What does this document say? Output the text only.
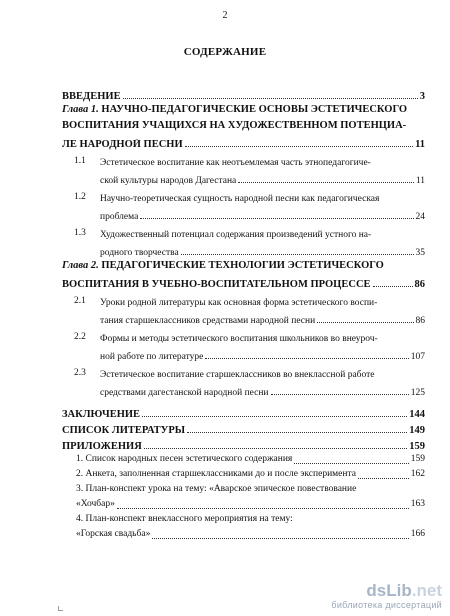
2
СОДЕРЖАНИЕ
ВВЕДЕНИЕ	3
Глава 1. НАУЧНО-ПЕДАГОГИЧЕСКИЕ ОСНОВЫ ЭСТЕТИЧЕСКОГО
ВОСПИТАНИЯ УЧАЩИХСЯ НА ХУДОЖЕСТВЕННОМ ПОТЕНЦИА-
ЛЕ НАРОДНОЙ ПЕСНИ	11
1.1	Эстетическое воспитание как неотъемлемая часть этнопедагогиче-
ской культуры народов Дагестана	11
1.2	Научно-теоретическая сущность народной песни как педагогическая
проблема	24
1.3	Художественный потенциал содержания произведений устного на-
родного творчества	35
Глава 2. ПЕДАГОГИЧЕСКИЕ ТЕХНОЛОГИИ ЭСТЕТИЧЕСКОГО
ВОСПИТАНИЯ В УЧЕБНО-ВОСПИТАТЕЛЬНОМ ПРОЦЕССЕ	86
2.1	Уроки родной литературы как основная форма эстетического воспи-
тания старшеклассников средствами народной песни	86
2.2	Формы и методы эстетического воспитания школьников во внеуроч-
ной работе по литературе	107
2.3	Эстетическое воспитание старшеклассников во внеклассной работе
средствами дагестанской народной песни	125
ЗАКЛЮЧЕНИЕ	144
СПИСОК ЛИТЕРАТУРЫ	149
ПРИЛОЖЕНИЯ	159
1. Список народных песен эстетического содержания	159
2. Анкета, заполненная старшеклассниками до и после эксперимента	162
3. План-конспект урока на тему: «Аварское эпическое повествование
«Хочбар»	163
4. План-конспект внеклассного мероприятия на тему:
«Горская свадьба»	166
dsLib.net
библиотека диссертаций
